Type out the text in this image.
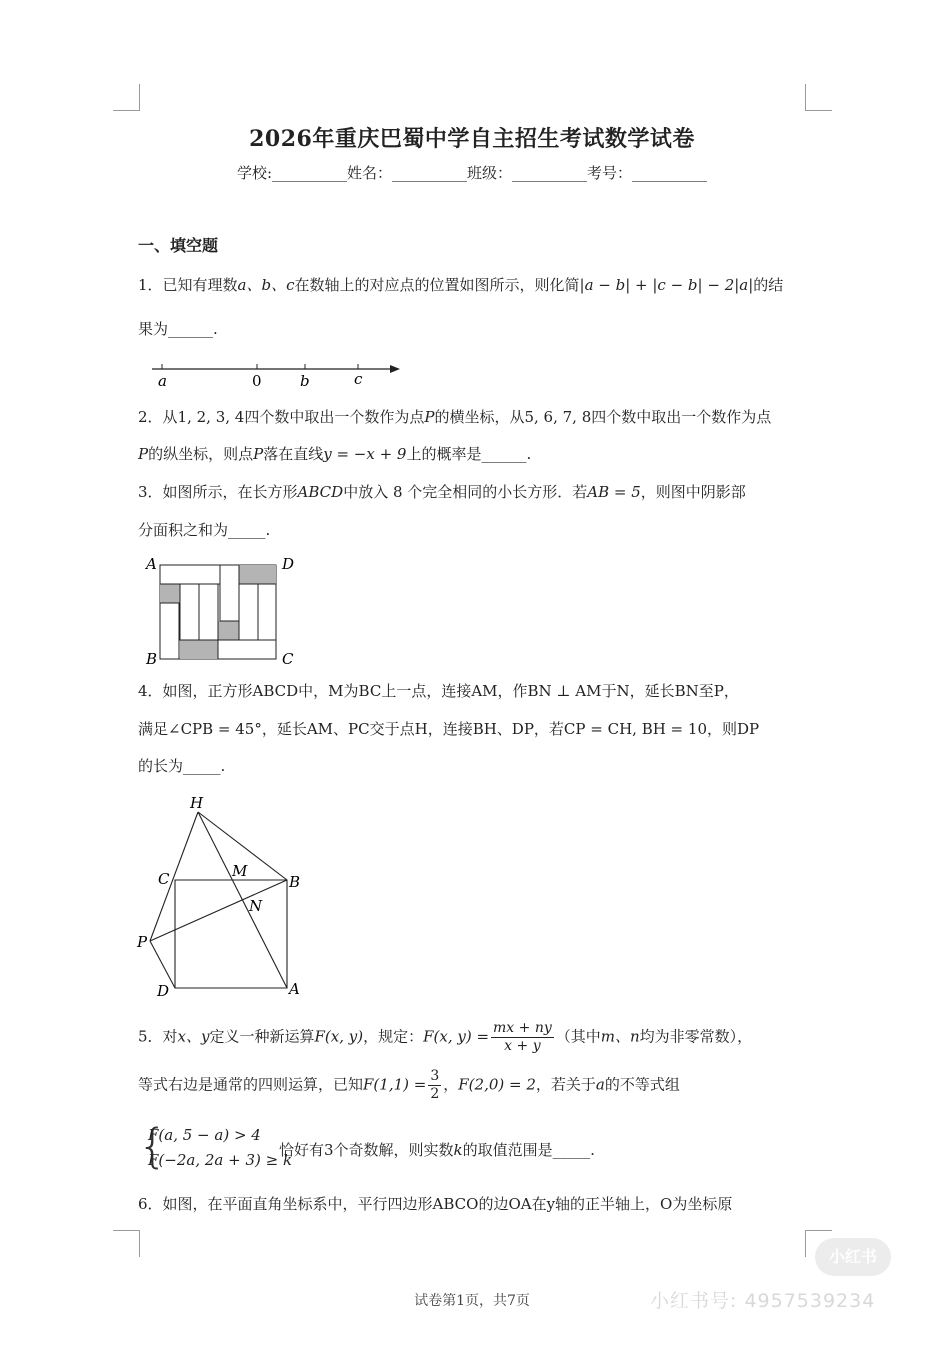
2026年重庆巴蜀中学自主招生考试数学试卷
学校:__________姓名：__________班级：__________考号：__________
一、填空题
1．已知有理数a、b、c在数轴上的对应点的位置如图所示，则化简|a − b| + |c − b| − 2|a|的结
果为______.
a	0	b	c
2．从1, 2, 3, 4四个数中取出一个数作为点P的横坐标，从5, 6, 7, 8四个数中取出一个数作为点
P的纵坐标，则点P落在直线y = −x + 9上的概率是______.
3．如图所示，在长方形ABCD中放入 8 个完全相同的小长方形．若AB = 5，则图中阴影部
分面积之和为_____.
A	D
B	C
4．如图，正方形ABCD中，M为BC上一点，连接AM，作BN ⊥ AM于N，延长BN至P，
满足∠CPB = 45°，延长AM、PC交于点H，连接BH、DP，若CP = CH, BH = 10，则DP
的长为_____.
H
C	M
B
N
P
D	A
5．对x、y定义一种新运算F(x, y)，规定：F(x, $y) = \frac{mx + ny}{x + y}$ （其中m、n均为非零常数），
等式右边是通常的四则运算，已知$F(1,1) = \frac{3}{2}$ ，F(2,0) = 2，若关于a的不等式组
{
F(a, 5 − a) > 4
F(−2a, 2a + 3) ≥ k
恰好有3个奇数解，则实数k的取值范围是_____.
6．如图，在平面直角坐标系中，平行四边形ABCO的边OA在y轴的正半轴上，O为坐标原
试卷第1页，共7页
小红书
小红书号: 4957539234
